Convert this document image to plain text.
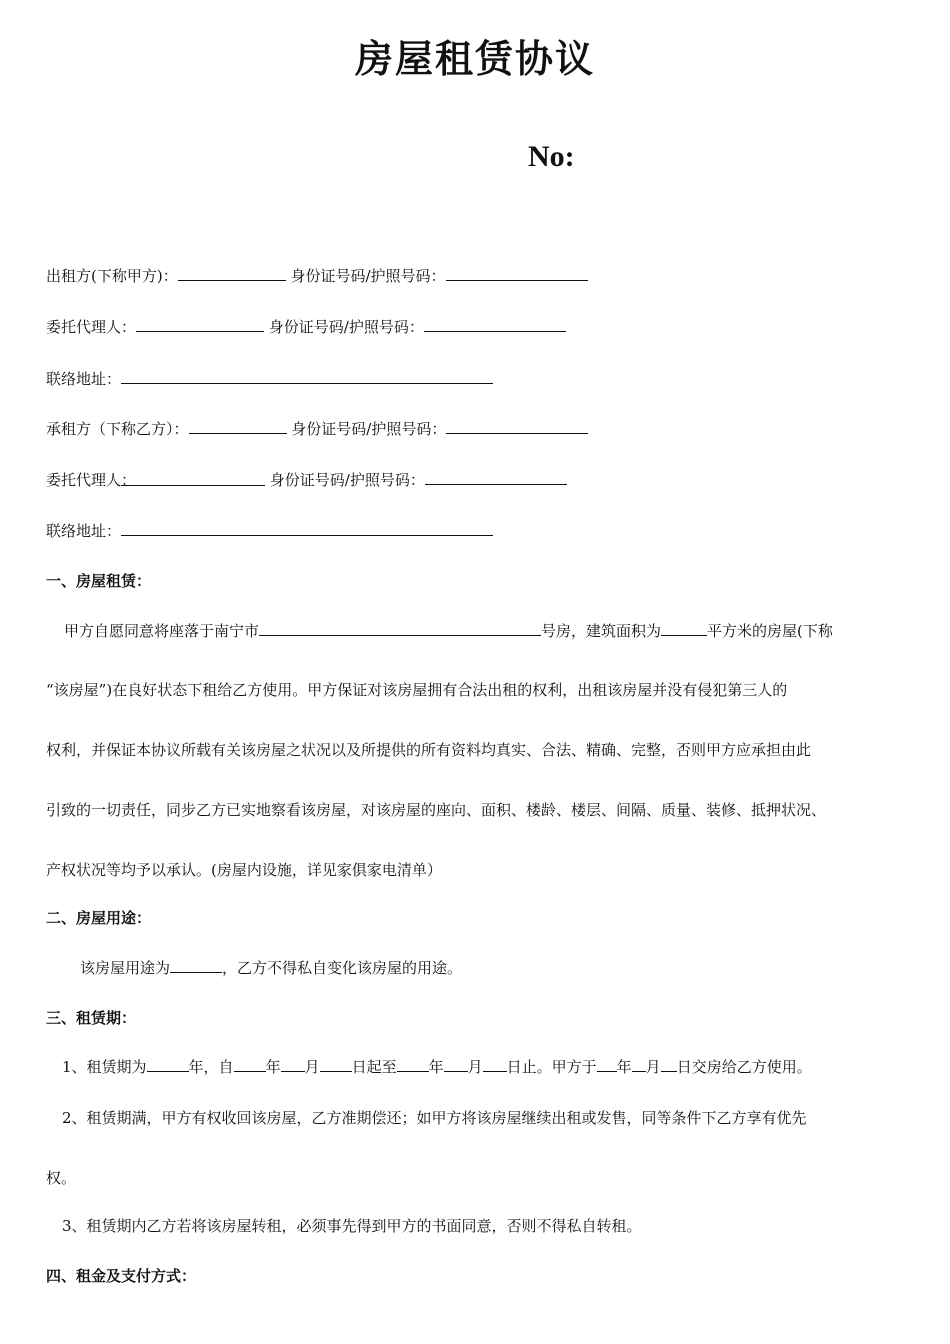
房屋租赁协议
No:
出租方(下称甲方)：	身份证号码/护照号码：
委托代理人：	身份证号码/护照号码：
联络地址：
承租方（下称乙方）：	身份证号码/护照号码：
委托代理人：	身份证号码/护照号码：
联络地址：
一、房屋租赁：
甲方自愿同意将座落于南宁市	号房，建筑面积为	平方米的房屋(下称
“该房屋”)在良好状态下租给乙方使用。甲方保证对该房屋拥有合法出租的权利，出租该房屋并没有侵犯第三人的
权利，并保证本协议所载有关该房屋之状况以及所提供的所有资料均真实、合法、精确、完整，否则甲方应承担由此
引致的一切责任，同步乙方已实地察看该房屋，对该房屋的座向、面积、楼龄、楼层、间隔、质量、装修、抵押状况、
产权状况等均予以承认。(房屋内设施，详见家俱家电清单）
二、房屋用途：
该房屋用途为	，乙方不得私自变化该房屋的用途。
三、租赁期：
1、租赁期为	年，自 年 月 日起至 年 月 日止。甲方于 年 月 日交房给乙方使用。
2、租赁期满，甲方有权收回该房屋，乙方准期偿还；如甲方将该房屋继续出租或发售，同等条件下乙方享有优先
权。
3、租赁期内乙方若将该房屋转租，必须事先得到甲方的书面同意，否则不得私自转租。
四、租金及支付方式：
